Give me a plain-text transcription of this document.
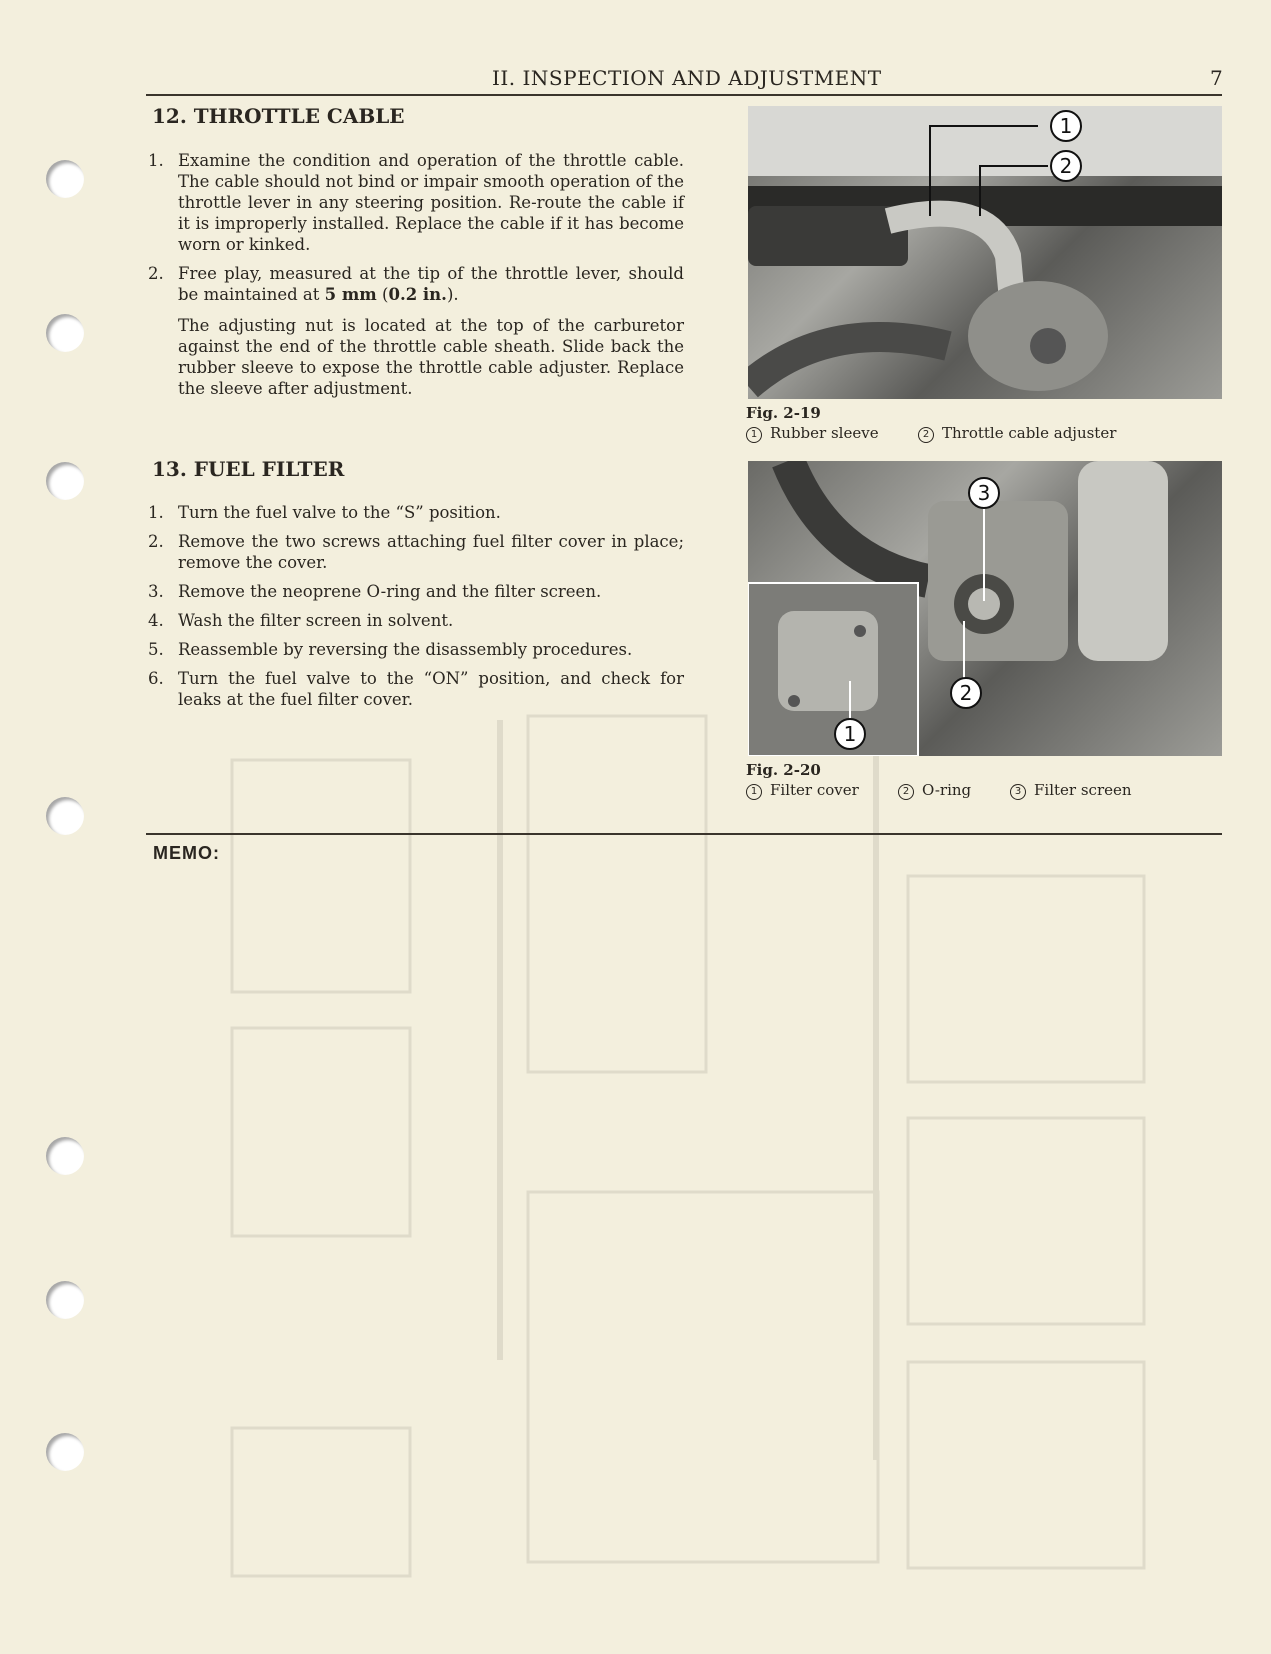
II. INSPECTION AND ADJUSTMENT	7
12. THROTTLE CABLE
1. Examine the condition and operation of the throttle cable. The cable should not bind or impair smooth operation of the throttle lever in any steering position. Re-route the cable if it is improperly installed. Replace the cable if it has become worn or kinked.

2. Free play, measured at the tip of the throttle lever, should be maintained at 5 mm (0.2 in.).

The adjusting nut is located at the top of the carburetor against the end of the throttle cable sheath. Slide back the rubber sleeve to expose the throttle cable adjuster. Replace the sleeve after adjustment.

13. FUEL FILTER
1. Turn the fuel valve to the “S” position.

2. Remove the two screws attaching fuel filter cover in place; remove the cover.

3. Remove the neoprene O-ring and the filter screen.

4. Wash the filter screen in solvent.

5. Reassemble by reversing the disassembly procedures.

6. Turn the fuel valve to the “ON” position, and check for leaks at the fuel filter cover.

1
2
Fig. 2-19
1 Rubber sleeve	2 Throttle cable adjuster
3
2
1
Fig. 2-20
1 Filter cover	2 O-ring	3 Filter screen
MEMO:
